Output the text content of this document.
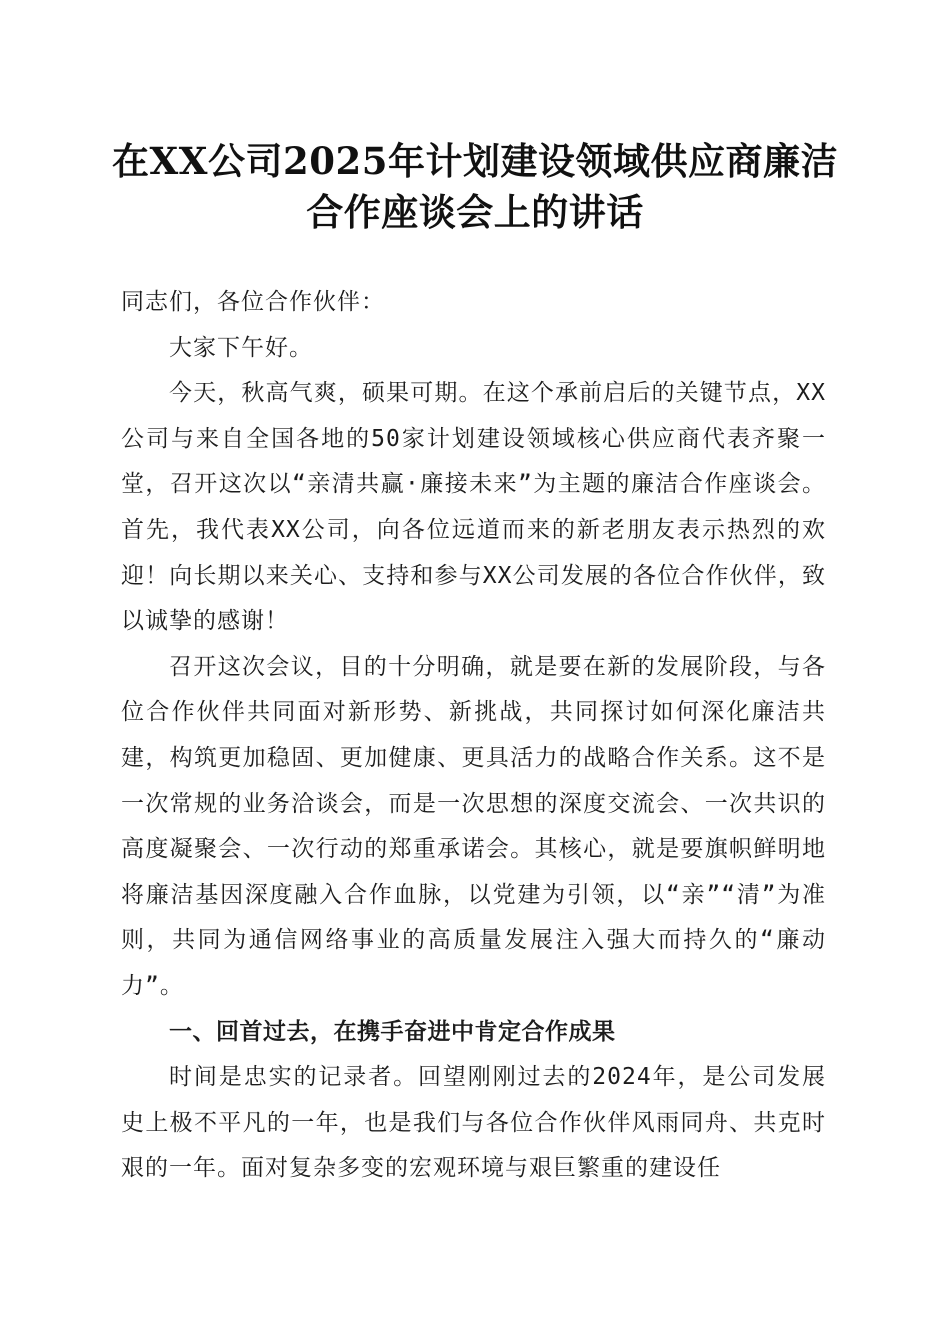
在XX公司2025年计划建设领域供应商廉洁合作座谈会上的讲话

同志们，各位合作伙伴：

大家下午好。

今天，秋高气爽，硕果可期。在这个承前启后的关键节点，XX公司与来自全国各地的50家计划建设领域核心供应商代表齐聚一堂，召开这次以“亲清共赢·廉接未来”为主题的廉洁合作座谈会。首先，我代表XX公司，向各位远道而来的新老朋友表示热烈的欢迎！向长期以来关心、支持和参与XX公司发展的各位合作伙伴，致以诚挚的感谢！

召开这次会议，目的十分明确，就是要在新的发展阶段，与各位合作伙伴共同面对新形势、新挑战，共同探讨如何深化廉洁共建，构筑更加稳固、更加健康、更具活力的战略合作关系。这不是一次常规的业务洽谈会，而是一次思想的深度交流会、一次共识的高度凝聚会、一次行动的郑重承诺会。其核心，就是要旗帜鲜明地将廉洁基因深度融入合作血脉，以党建为引领，以“亲”“清”为准则，共同为通信网络事业的高质量发展注入强大而持久的“廉动力”。

一、回首过去，在携手奋进中肯定合作成果

时间是忠实的记录者。回望刚刚过去的2024年，是公司发展史上极不平凡的一年，也是我们与各位合作伙伴风雨同舟、共克时艰的一年。面对复杂多变的宏观环境与艰巨繁重的建设任
